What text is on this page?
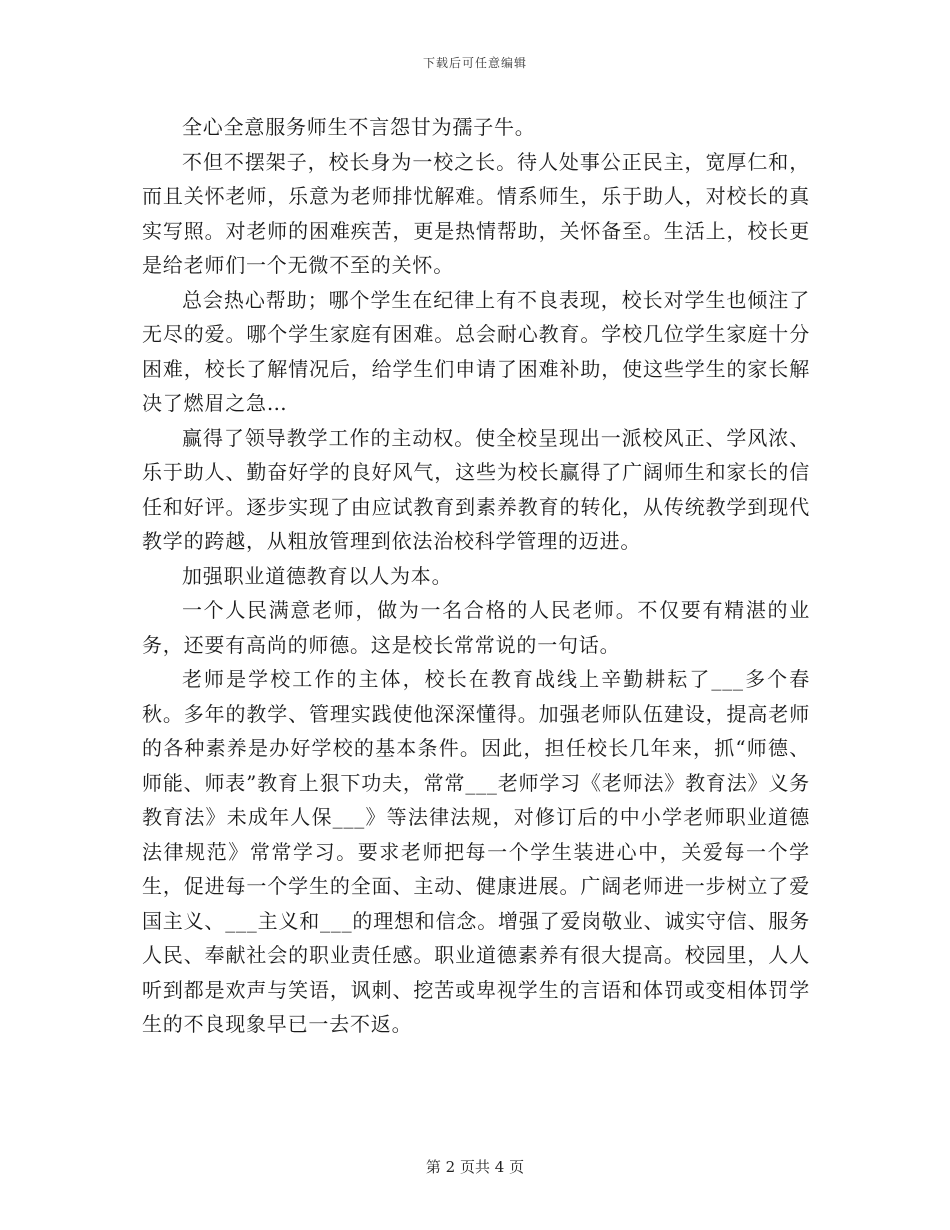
下载后可任意编辑

全心全意服务师生不言怨甘为孺子牛。

不但不摆架子，校长身为一校之长。待人处事公正民主，宽厚仁和，而且关怀老师，乐意为老师排忧解难。情系师生，乐于助人，对校长的真实写照。对老师的困难疾苦，更是热情帮助，关怀备至。生活上，校长更是给老师们一个无微不至的关怀。

总会热心帮助；哪个学生在纪律上有不良表现，校长对学生也倾注了无尽的爱。哪个学生家庭有困难。总会耐心教育。学校几位学生家庭十分困难，校长了解情况后，给学生们申请了困难补助，使这些学生的家长解决了燃眉之急…

赢得了领导教学工作的主动权。使全校呈现出一派校风正、学风浓、乐于助人、勤奋好学的良好风气，这些为校长赢得了广阔师生和家长的信任和好评。逐步实现了由应试教育到素养教育的转化，从传统教学到现代教学的跨越，从粗放管理到依法治校科学管理的迈进。

加强职业道德教育以人为本。

一个人民满意老师，做为一名合格的人民老师。不仅要有精湛的业务，还要有高尚的师德。这是校长常常说的一句话。

老师是学校工作的主体，校长在教育战线上辛勤耕耘了___多个春秋。多年的教学、管理实践使他深深懂得。加强老师队伍建设，提高老师的各种素养是办好学校的基本条件。因此，担任校长几年来，抓“师德、师能、师表”教育上狠下功夫，常常___老师学习《老师法》教育法》义务教育法》未成年人保___》等法律法规，对修订后的中小学老师职业道德法律规范》常常学习。要求老师把每一个学生装进心中，关爱每一个学生，促进每一个学生的全面、主动、健康进展。广阔老师进一步树立了爱国主义、___主义和___的理想和信念。增强了爱岗敬业、诚实守信、服务人民、奉献社会的职业责任感。职业道德素养有很大提高。校园里，人人听到都是欢声与笑语，讽刺、挖苦或卑视学生的言语和体罚或变相体罚学生的不良现象早已一去不返。

第 2 页共 4 页
